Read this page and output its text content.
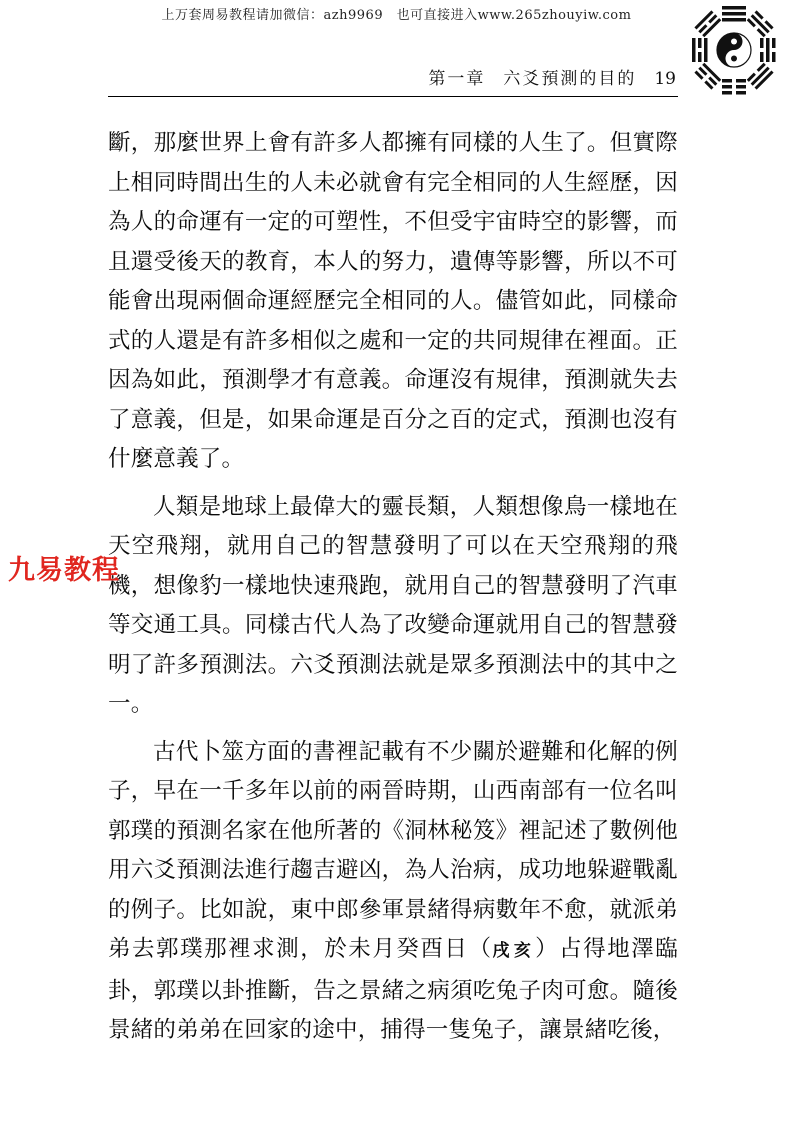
上万套周易教程请加微信：azh9969　也可直接进入www.265zhouyiw.com
第一章 六爻預測的目的 19

斷，那麼世界上會有許多人都擁有同樣的人生了。但實際
上相同時間出生的人未必就會有完全相同的人生經歷，因
為人的命運有一定的可塑性，不但受宇宙時空的影響，而
且還受後天的教育，本人的努力，遺傳等影響，所以不可
能會出現兩個命運經歷完全相同的人。儘管如此，同樣命
式的人還是有許多相似之處和一定的共同規律在裡面。正
因為如此，預測學才有意義。命運沒有規律，預測就失去
了意義，但是，如果命運是百分之百的定式，預測也沒有
什麼意義了。

人類是地球上最偉大的靈長類，人類想像鳥一樣地在
天空飛翔，就用自己的智慧發明了可以在天空飛翔的飛
機，想像豹一樣地快速飛跑，就用自己的智慧發明了汽車
等交通工具。同樣古代人為了改變命運就用自己的智慧發
明了許多預測法。六爻預測法就是眾多預測法中的其中之
一。

古代卜筮方面的書裡記載有不少關於避難和化解的例
子，早在一千多年以前的兩晉時期，山西南部有一位名叫
郭璞的預測名家在他所著的《洞林秘笈》裡記述了數例他
用六爻預測法進行趨吉避凶，為人治病，成功地躲避戰亂
的例子。比如說，東中郎參軍景緒得病數年不愈，就派弟
弟去郭璞那裡求測，於未月癸酉日（戌亥）占得地澤臨
卦，郭璞以卦推斷，告之景緒之病須吃兔子肉可愈。隨後
景緒的弟弟在回家的途中，捕得一隻兔子，讓景緒吃後，

九易教程
